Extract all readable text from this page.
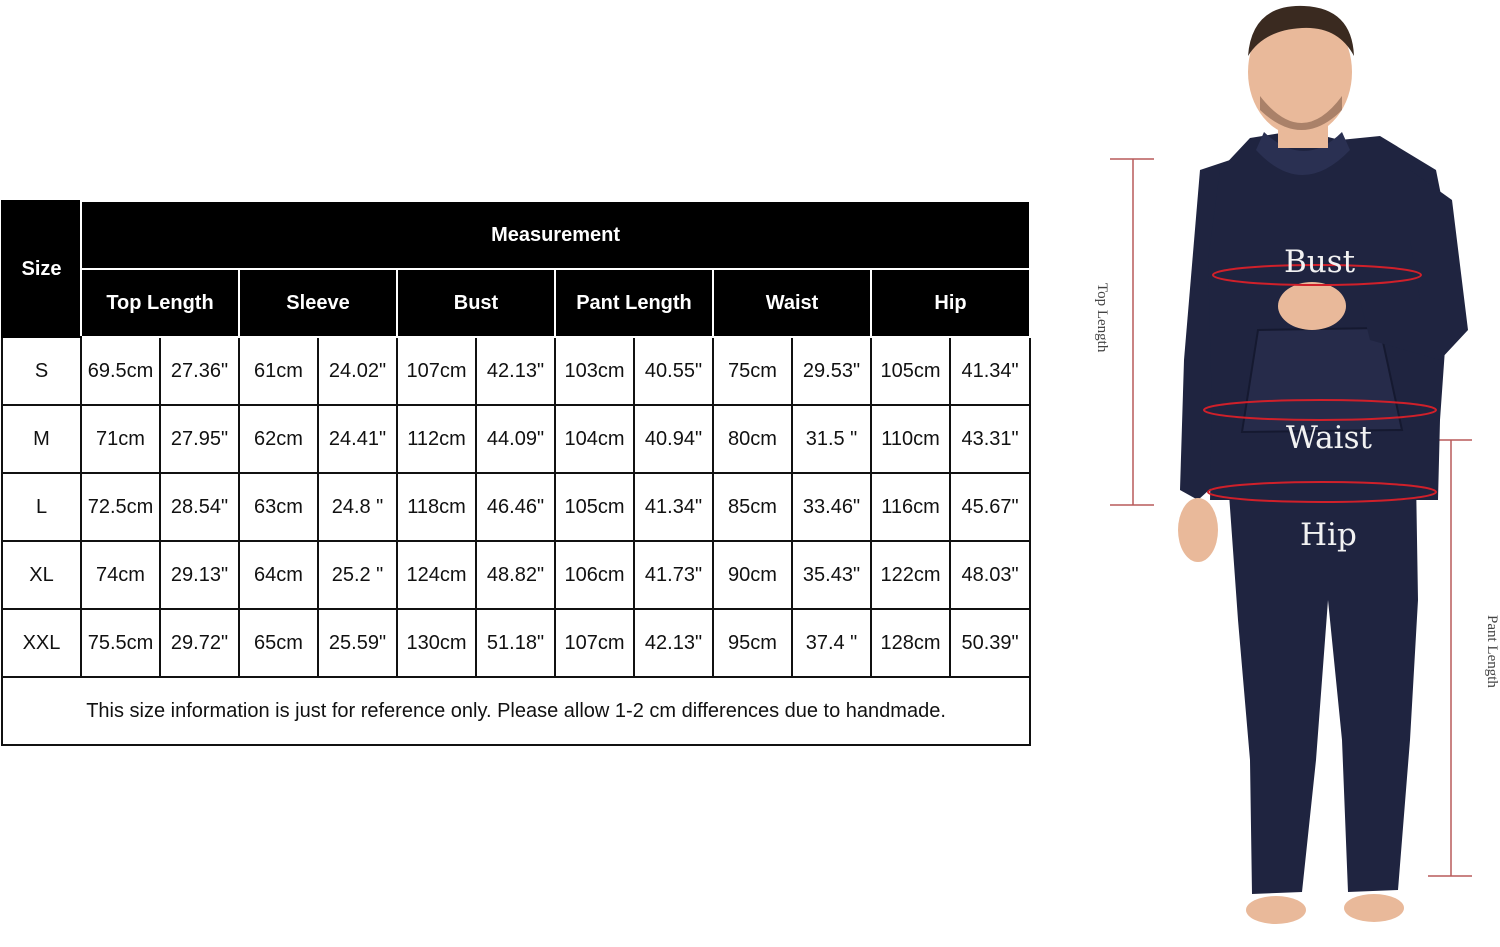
Size	Measurement											
	Top Length		Sleeve		Bust		Pant Length		Waist		Hip	
S	69.5cm	27.36"	61cm	24.02"	107cm	42.13"	103cm	40.55"	75cm	29.53"	105cm	41.34"
M	71cm	27.95"	62cm	24.41"	112cm	44.09"	104cm	40.94"	80cm	31.5 "	110cm	43.31"
L	72.5cm	28.54"	63cm	24.8 "	118cm	46.46"	105cm	41.34"	85cm	33.46"	116cm	45.67"
XL	74cm	29.13"	64cm	25.2 "	124cm	48.82"	106cm	41.73"	90cm	35.43"	122cm	48.03"
XXL	75.5cm	29.72"	65cm	25.59"	130cm	51.18"	107cm	42.13"	95cm	37.4 "	128cm	50.39"
This size information is just for reference only. Please allow 1-2 cm differences due to handmade.												
Bust
Waist
Hip
Top Length
Pant Length
